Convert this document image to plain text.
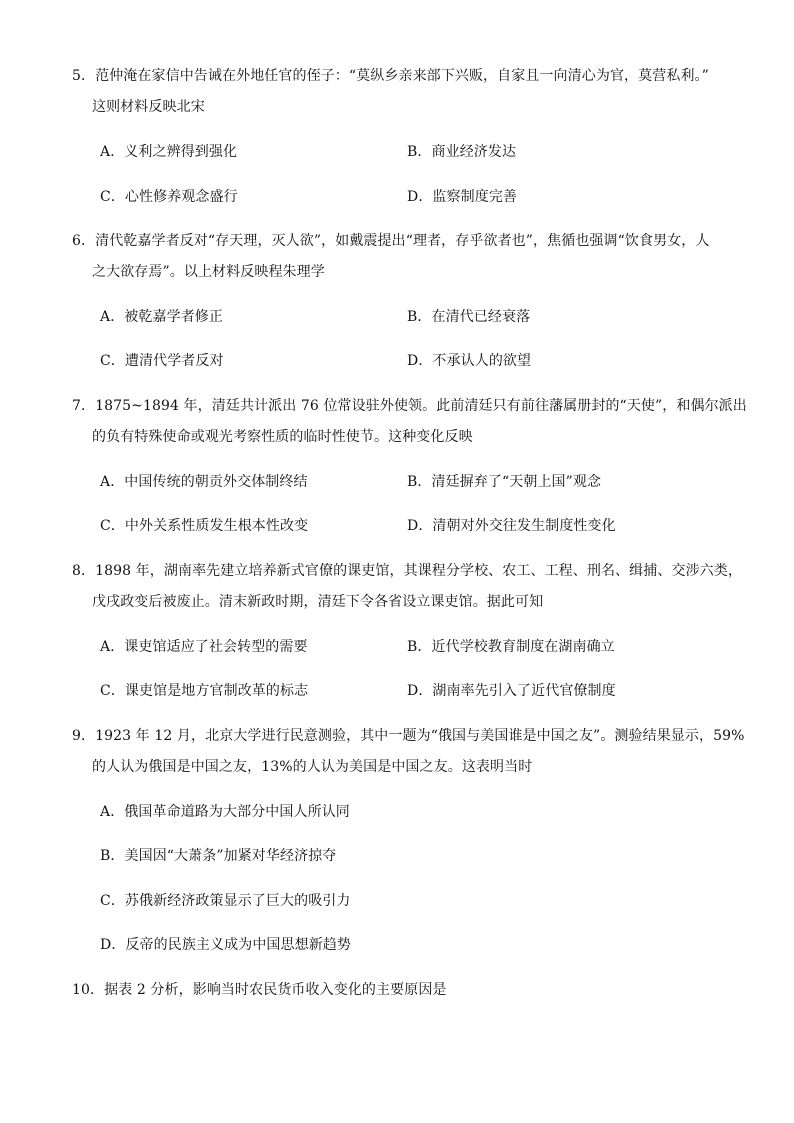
5．范仲淹在家信中告诫在外地任官的侄子：“莫纵乡亲来部下兴贩，自家且一向清心为官，莫营私利。”
这则材料反映北宋
A．义利之辨得到强化	B．商业经济发达
C．心性修养观念盛行	D．监察制度完善
6．清代乾嘉学者反对“存天理，灭人欲”，如戴震提出“理者，存乎欲者也”，焦循也强调“饮食男女，人
之大欲存焉”。以上材料反映程朱理学
A．被乾嘉学者修正	B．在清代已经衰落
C．遭清代学者反对	D．不承认人的欲望
7．1875~1894 年，清廷共计派出 76 位常设驻外使领。此前清廷只有前往藩属册封的“天使”，和偶尔派出
的负有特殊使命或观光考察性质的临时性使节。这种变化反映
A．中国传统的朝贡外交体制终结	B．清廷摒弃了“天朝上国”观念
C．中外关系性质发生根本性改变	D．清朝对外交往发生制度性变化
8．1898 年，湖南率先建立培养新式官僚的课吏馆，其课程分学校、农工、工程、刑名、缉捕、交涉六类，
戊戌政变后被废止。清末新政时期，清廷下令各省设立课吏馆。据此可知
A．课吏馆适应了社会转型的需要	B．近代学校教育制度在湖南确立
C．课吏馆是地方官制改革的标志	D．湖南率先引入了近代官僚制度
9．1923 年 12 月，北京大学进行民意测验，其中一题为“俄国与美国谁是中国之友”。测验结果显示，59%
的人认为俄国是中国之友，13%的人认为美国是中国之友。这表明当时
A．俄国革命道路为大部分中国人所认同
B．美国因“大萧条”加紧对华经济掠夺
C．苏俄新经济政策显示了巨大的吸引力
D．反帝的民族主义成为中国思想新趋势
10．据表 2 分析，影响当时农民货币收入变化的主要原因是
